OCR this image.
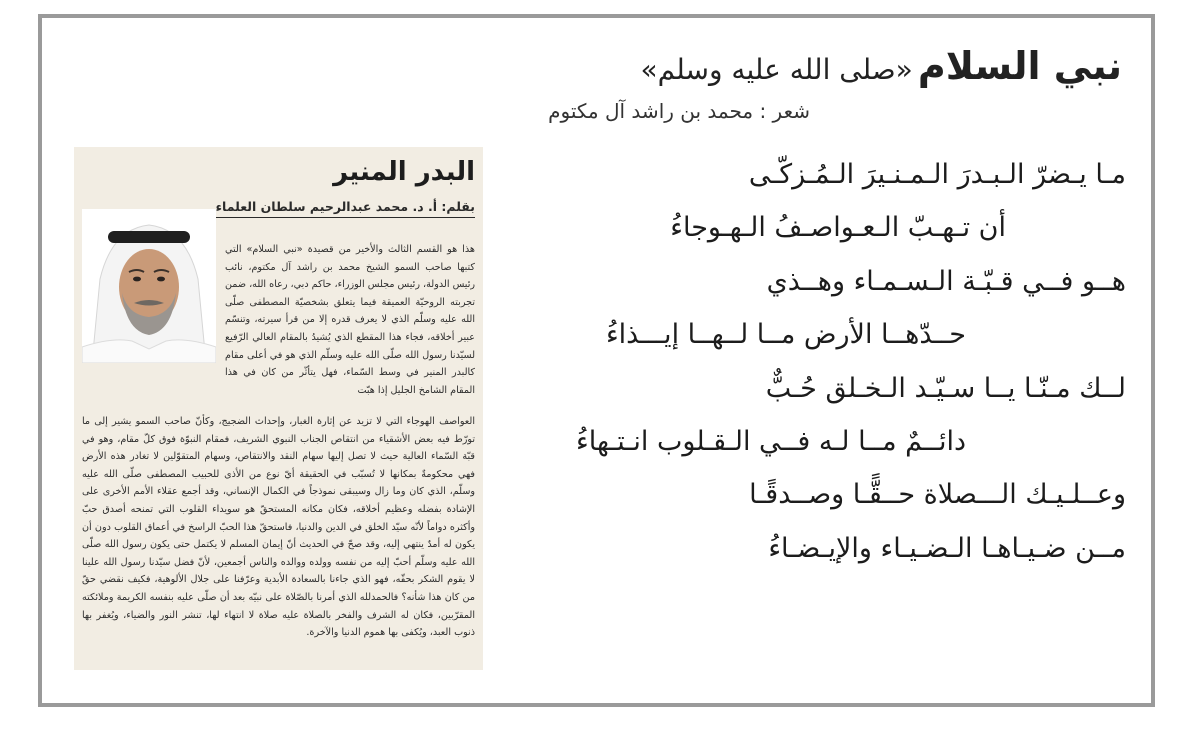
نبي السلام «صلى الله عليه وسلم»
شعر : محمد بن راشد آل مكتوم
مـا يـضرّ الـبـدرَ الـمـنـيرَ الـمُـزكّـى
أن تـهـبّ الـعـواصـفُ الـهـوجاءُ
هــو فــي قـبّـة الـسـمـاء وهــذي
حــدّهــا الأرض مــا لــهــا إيـــذاءُ
لــك مـنّـا يــا سـيّـد الـخـلق حُـبٌّ
دائــمٌ مــا لـه فــي الـقـلوب انـتـهاءُ
وعــلـيـك الـــصلاة حــقًّـا وصــدقًـا
مــن ضـيـاهـا الـضـيـاء والإيـضـاءُ
البدر المنير
بقلم: أ. د. محمد عبدالرحيم سلطان العلماء

هذا هو القسم الثالث والأخير من قصيدة «نبي السلام» التي كتبها صاحب السمو الشيخ محمد بن راشد آل مكتوم، نائب رئيس الدولة، رئيس مجلس الوزراء، حاكم دبي، رعاه الله، ضمن تجربته الروحيّة العميقة فيما يتعلق بشخصيّة المصطفى صلّى الله عليه وسلّم الذي لا يعرف قدره إلا من قرأ سيرته، وتنسّم عبير أخلاقه، فجاء هذا المقطع الذي يُشيدُ بالمقام العالي الرّفيع لسيّدنا رسول الله صلّى الله عليه وسلّم الذي هو في أعلى مقام كالبدر المنير في وسط السّماء، فهل يتأثّر من كان في هذا المقام الشامخ الجليل إذا هبّت

العواصف الهوجاء التي لا تزيد عن إثارة الغبار، وإحداث الضجيج، وكأنّ صاحب السمو يشير إلى ما تورّط فيه بعض الأشقياء من انتقاص الجناب النبوي الشريف، فمقام النبوّة فوق كلّ مقام، وهو في قبّة السّماء العالية حيث لا تصل إليها سهام النقد والانتقاص، وسهام المتقوّلين لا تغادر هذه الأرض فهي محكومةٌ بمكانها لا تُسبّب في الحقيقة أيّ نوع من الأذى للحبيب المصطفى صلّى الله عليه وسلّم، الذي كان وما زال وسيبقى نموذجاً في الكمال الإنساني، وقد أجمع عقلاء الأمم الأخرى على الإشادة بفضله وعظيم أخلاقه، فكان مكانه المستحقّ هو سويداء القلوب التي تمنحه أصدق حبّ وأكثره دواماً لأنّه سيّد الخلق في الدين والدنيا، فاستحقّ هذا الحبّ الراسخ في أعماق القلوب دون أن يكون له أمدٌ ينتهي إليه، وقد صحّ في الحديث أنّ إيمان المسلم لا يكتمل حتى يكون رسول الله صلّى الله عليه وسلّم أحبّ إليه من نفسه وولده ووالده والناس أجمعين، لأنّ فضل سيّدنا رسول الله علينا لا يقوم الشكر بحقّه، فهو الذي جاءنا بالسعادة الأبدية وعرّفنا على جلال الألوهية، فكيف نقضي حقّ من كان هذا شأنه؟ فالحمدلله الذي أمرنا بالصّلاة على نبيّه بعد أن صلّى عليه بنفسه الكريمة وملائكته المقرّبين، فكان له الشرف والفخر بالصلاة عليه صلاة لا انتهاء لها، تنشر النور والضياء، ويُغفر بها ذنوب العبد، ويُكفى بها هموم الدنيا والآخرة.
